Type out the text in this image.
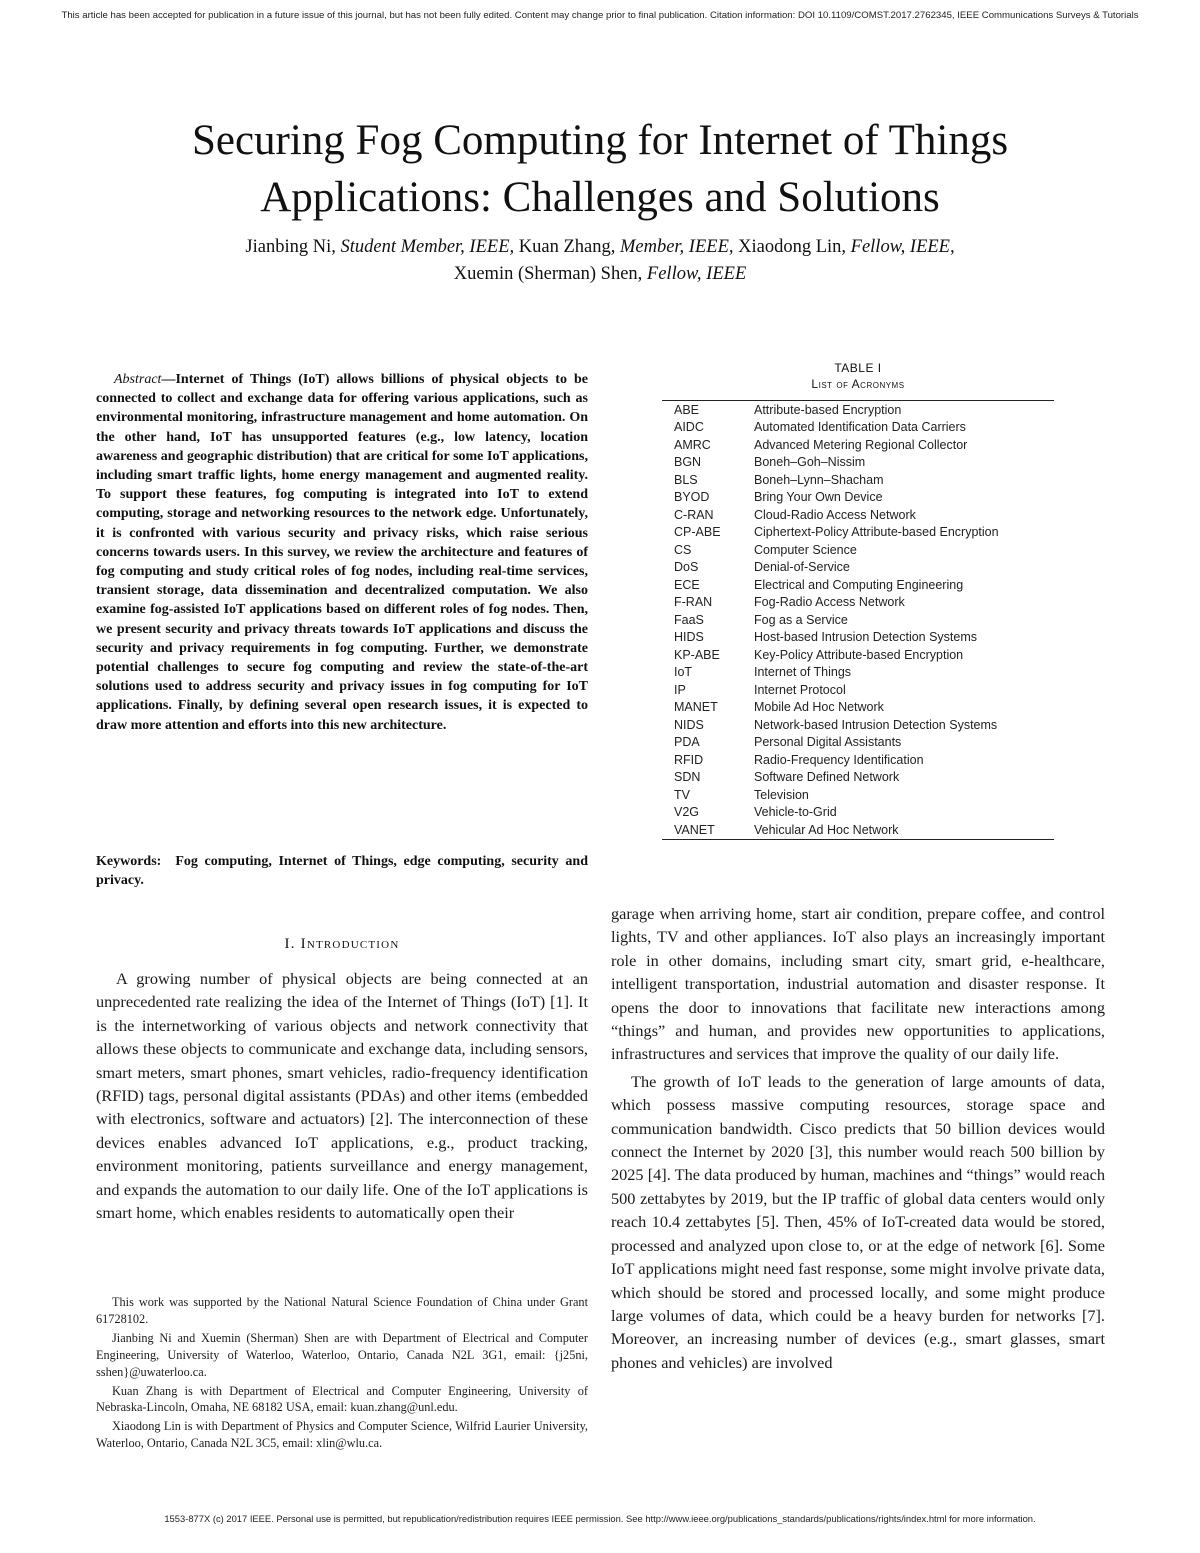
This article has been accepted for publication in a future issue of this journal, but has not been fully edited. Content may change prior to final publication. Citation information: DOI 10.1109/COMST.2017.2762345, IEEE Communications Surveys & Tutorials
Securing Fog Computing for Internet of Things
Applications: Challenges and Solutions
Jianbing Ni, Student Member, IEEE, Kuan Zhang, Member, IEEE, Xiaodong Lin, Fellow, IEEE,
Xuemin (Sherman) Shen, Fellow, IEEE
Abstract—Internet of Things (IoT) allows billions of physical objects to be connected to collect and exchange data for offering various applications, such as environmental monitoring, infrastructure management and home automation. On the other hand, IoT has unsupported features (e.g., low latency, location awareness and geographic distribution) that are critical for some IoT applications, including smart traffic lights, home energy management and augmented reality. To support these features, fog computing is integrated into IoT to extend computing, storage and networking resources to the network edge. Unfortunately, it is confronted with various security and privacy risks, which raise serious concerns towards users. In this survey, we review the architecture and features of fog computing and study critical roles of fog nodes, including real-time services, transient storage, data dissemination and decentralized computation. We also examine fog-assisted IoT applications based on different roles of fog nodes. Then, we present security and privacy threats towards IoT applications and discuss the security and privacy requirements in fog computing. Further, we demonstrate potential challenges to secure fog computing and review the state-of-the-art solutions used to address security and privacy issues in fog computing for IoT applications. Finally, by defining several open research issues, it is expected to draw more attention and efforts into this new architecture.
Keywords: Fog computing, Internet of Things, edge computing, security and privacy.
TABLE I
List of Acronyms
ABE	Attribute-based Encryption
AIDC	Automated Identification Data Carriers
AMRC	Advanced Metering Regional Collector
BGN	Boneh–Goh–Nissim
BLS	Boneh–Lynn–Shacham
BYOD	Bring Your Own Device
C-RAN	Cloud-Radio Access Network
CP-ABE	Ciphertext-Policy Attribute-based Encryption
CS	Computer Science
DoS	Denial-of-Service
ECE	Electrical and Computing Engineering
F-RAN	Fog-Radio Access Network
FaaS	Fog as a Service
HIDS	Host-based Intrusion Detection Systems
KP-ABE	Key-Policy Attribute-based Encryption
IoT	Internet of Things
IP	Internet Protocol
MANET	Mobile Ad Hoc Network
NIDS	Network-based Intrusion Detection Systems
PDA	Personal Digital Assistants
RFID	Radio-Frequency Identification
SDN	Software Defined Network
TV	Television
V2G	Vehicle-to-Grid
VANET	Vehicular Ad Hoc Network
I. Introduction
A growing number of physical objects are being connected at an unprecedented rate realizing the idea of the Internet of Things (IoT) [1]. It is the internetworking of various objects and network connectivity that allows these objects to communicate and exchange data, including sensors, smart meters, smart phones, smart vehicles, radio-frequency identification (RFID) tags, personal digital assistants (PDAs) and other items (embedded with electronics, software and actuators) [2]. The interconnection of these devices enables advanced IoT applications, e.g., product tracking, environment monitoring, patients surveillance and energy management, and expands the automation to our daily life. One of the IoT applications is smart home, which enables residents to automatically open their

garage when arriving home, start air condition, prepare coffee, and control lights, TV and other appliances. IoT also plays an increasingly important role in other domains, including smart city, smart grid, e-healthcare, intelligent transportation, industrial automation and disaster response. It opens the door to innovations that facilitate new interactions among “things” and human, and provides new opportunities to applications, infrastructures and services that improve the quality of our daily life.

The growth of IoT leads to the generation of large amounts of data, which possess massive computing resources, storage space and communication bandwidth. Cisco predicts that 50 billion devices would connect the Internet by 2020 [3], this number would reach 500 billion by 2025 [4]. The data produced by human, machines and “things” would reach 500 zettabytes by 2019, but the IP traffic of global data centers would only reach 10.4 zettabytes [5]. Then, 45% of IoT-created data would be stored, processed and analyzed upon close to, or at the edge of network [6]. Some IoT applications might need fast response, some might involve private data, which should be stored and processed locally, and some might produce large volumes of data, which could be a heavy burden for networks [7]. Moreover, an increasing number of devices (e.g., smart glasses, smart phones and vehicles) are involved

This work was supported by the National Natural Science Foundation of China under Grant 61728102.

Jianbing Ni and Xuemin (Sherman) Shen are with Department of Electrical and Computer Engineering, University of Waterloo, Waterloo, Ontario, Canada N2L 3G1, email: {j25ni, sshen}@uwaterloo.ca.

Kuan Zhang is with Department of Electrical and Computer Engineering, University of Nebraska-Lincoln, Omaha, NE 68182 USA, email: kuan.zhang@unl.edu.

Xiaodong Lin is with Department of Physics and Computer Science, Wilfrid Laurier University, Waterloo, Ontario, Canada N2L 3C5, email: xlin@wlu.ca.

1553-877X (c) 2017 IEEE. Personal use is permitted, but republication/redistribution requires IEEE permission. See http://www.ieee.org/publications_standards/publications/rights/index.html for more information.
